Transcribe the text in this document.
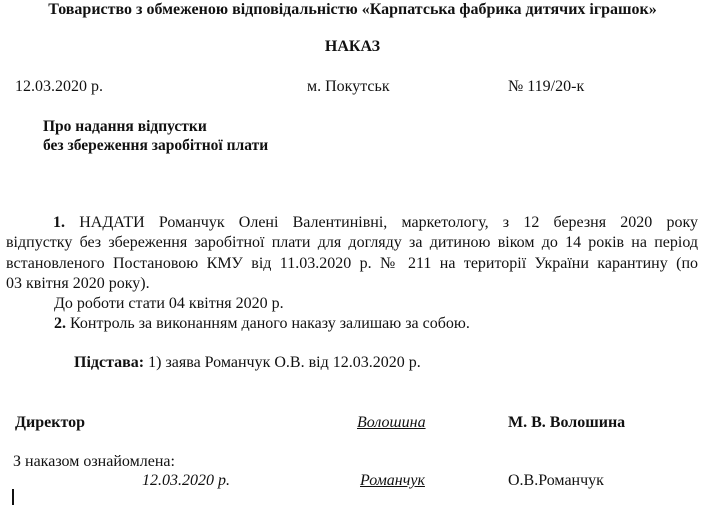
Товариство з обмеженою відповідальністю «Карпатська фабрика дитячих іграшок»
НАКАЗ
12.03.2020 р.	м. Покутськ	№ 119/20-к
Про надання відпустки
без збереження заробітної плати
1. НАДАТИ Романчук Олені Валентинівні, маркетологу, з 12 березня 2020 року
відпустку без збереження заробітної плати для догляду за дитиною віком до 14 років на період
встановленого Постановою КМУ від 11.03.2020 р. № 211 на території України карантину (по
03 квітня 2020 року).
До роботи стати 04 квітня 2020 р.
2. Контроль за виконанням даного наказу залишаю за собою.
Підстава: 1) заява Романчук О.В. від 12.03.2020 р.
Директор	Волошина	М. В. Волошина
З наказом ознайомлена:
12.03.2020 р.	Романчук	О.В.Романчук
